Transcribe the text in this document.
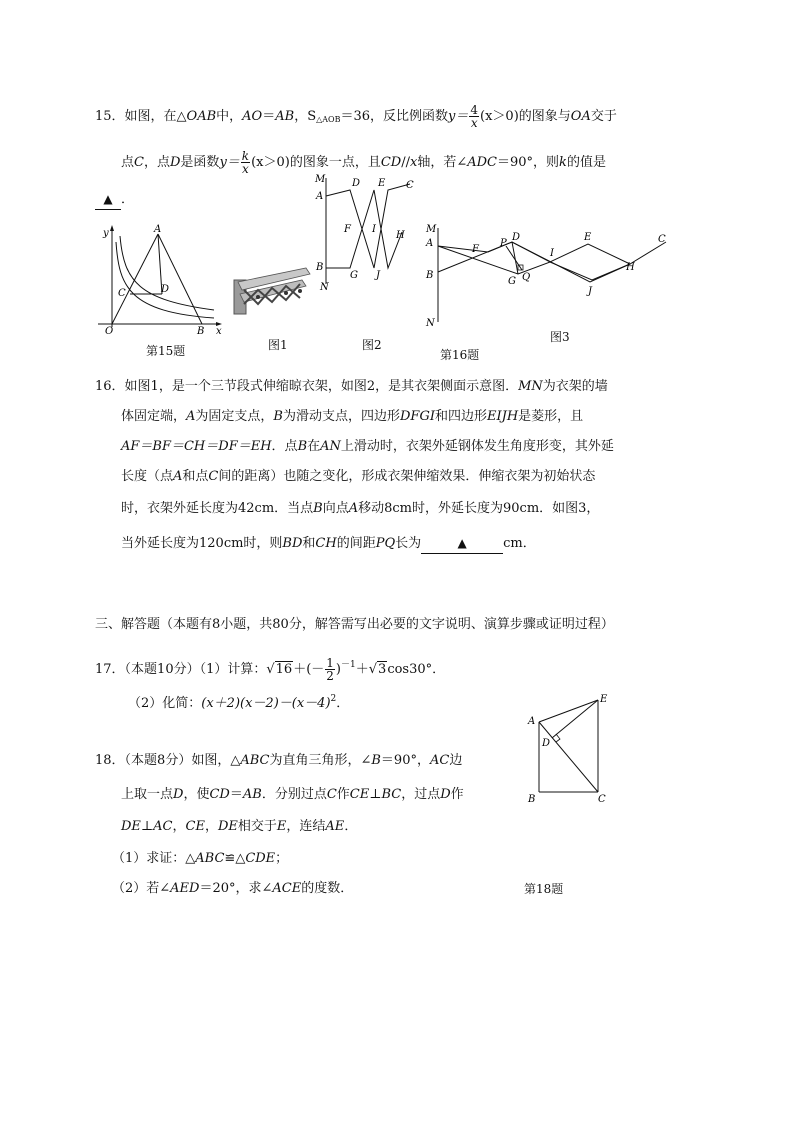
15．如图，在△OAB中，AO＝AB，$S_{\triangle AOB}=36$，反比例函数$y= \frac{4}{x} (x>0)$的图象与OA交于
点C，点D是函数$y= \frac{k}{x} (x>0)$的图象一点，且CD//x轴，若∠ADC＝90°，则k的值是
▲ ．
y	A
C	D
O	B x
第15题	图1
M
A
B
N
D E C
F I
H
G J
图2
M
A
B
N
F
P
D
I
E	C
H
G Q
J
第16题
图3
16．如图1，是一个三节段式伸缩晾衣架，如图2，是其衣架侧面示意图．MN为衣架的墙
体固定端，A为固定支点，B为滑动支点，四边形DFGI和四边形EIJH是菱形，且
AF＝BF＝CH＝DF＝EH．点B在AN上滑动时，衣架外延钢体发生角度形变，其外延
长度（点A和点C间的距离）也随之变化，形成衣架伸缩效果．伸缩衣架为初始状态
时，衣架外延长度为42cm．当点B向点A移动8cm时，外延长度为90cm．如图3，
当外延长度为120cm时，则BD和CH的间距PQ长为	▲	cm．
三、解答题（本题有8小题，共80分，解答需写出必要的文字说明、演算步骤或证明过程）
17．（本题10分）（1）计算：$√16+(- \frac{1}{2} )^{-1}+√3\cos 30^\circ$．
（2）化简：$(x+2)(x-2)-(x-4)^2$．
A
E
D
B	C
18．（本题8分）如图，△ABC为直角三角形，∠B＝90°，AC边
上取一点D，使CD＝AB．分别过点C作CE⊥BC，过点D作
DE⊥AC，CE，DE相交于E，连结AE．
（1）求证：△ABC≌△CDE；
（2）若∠AED＝20°，求∠ACE的度数．	第18题
